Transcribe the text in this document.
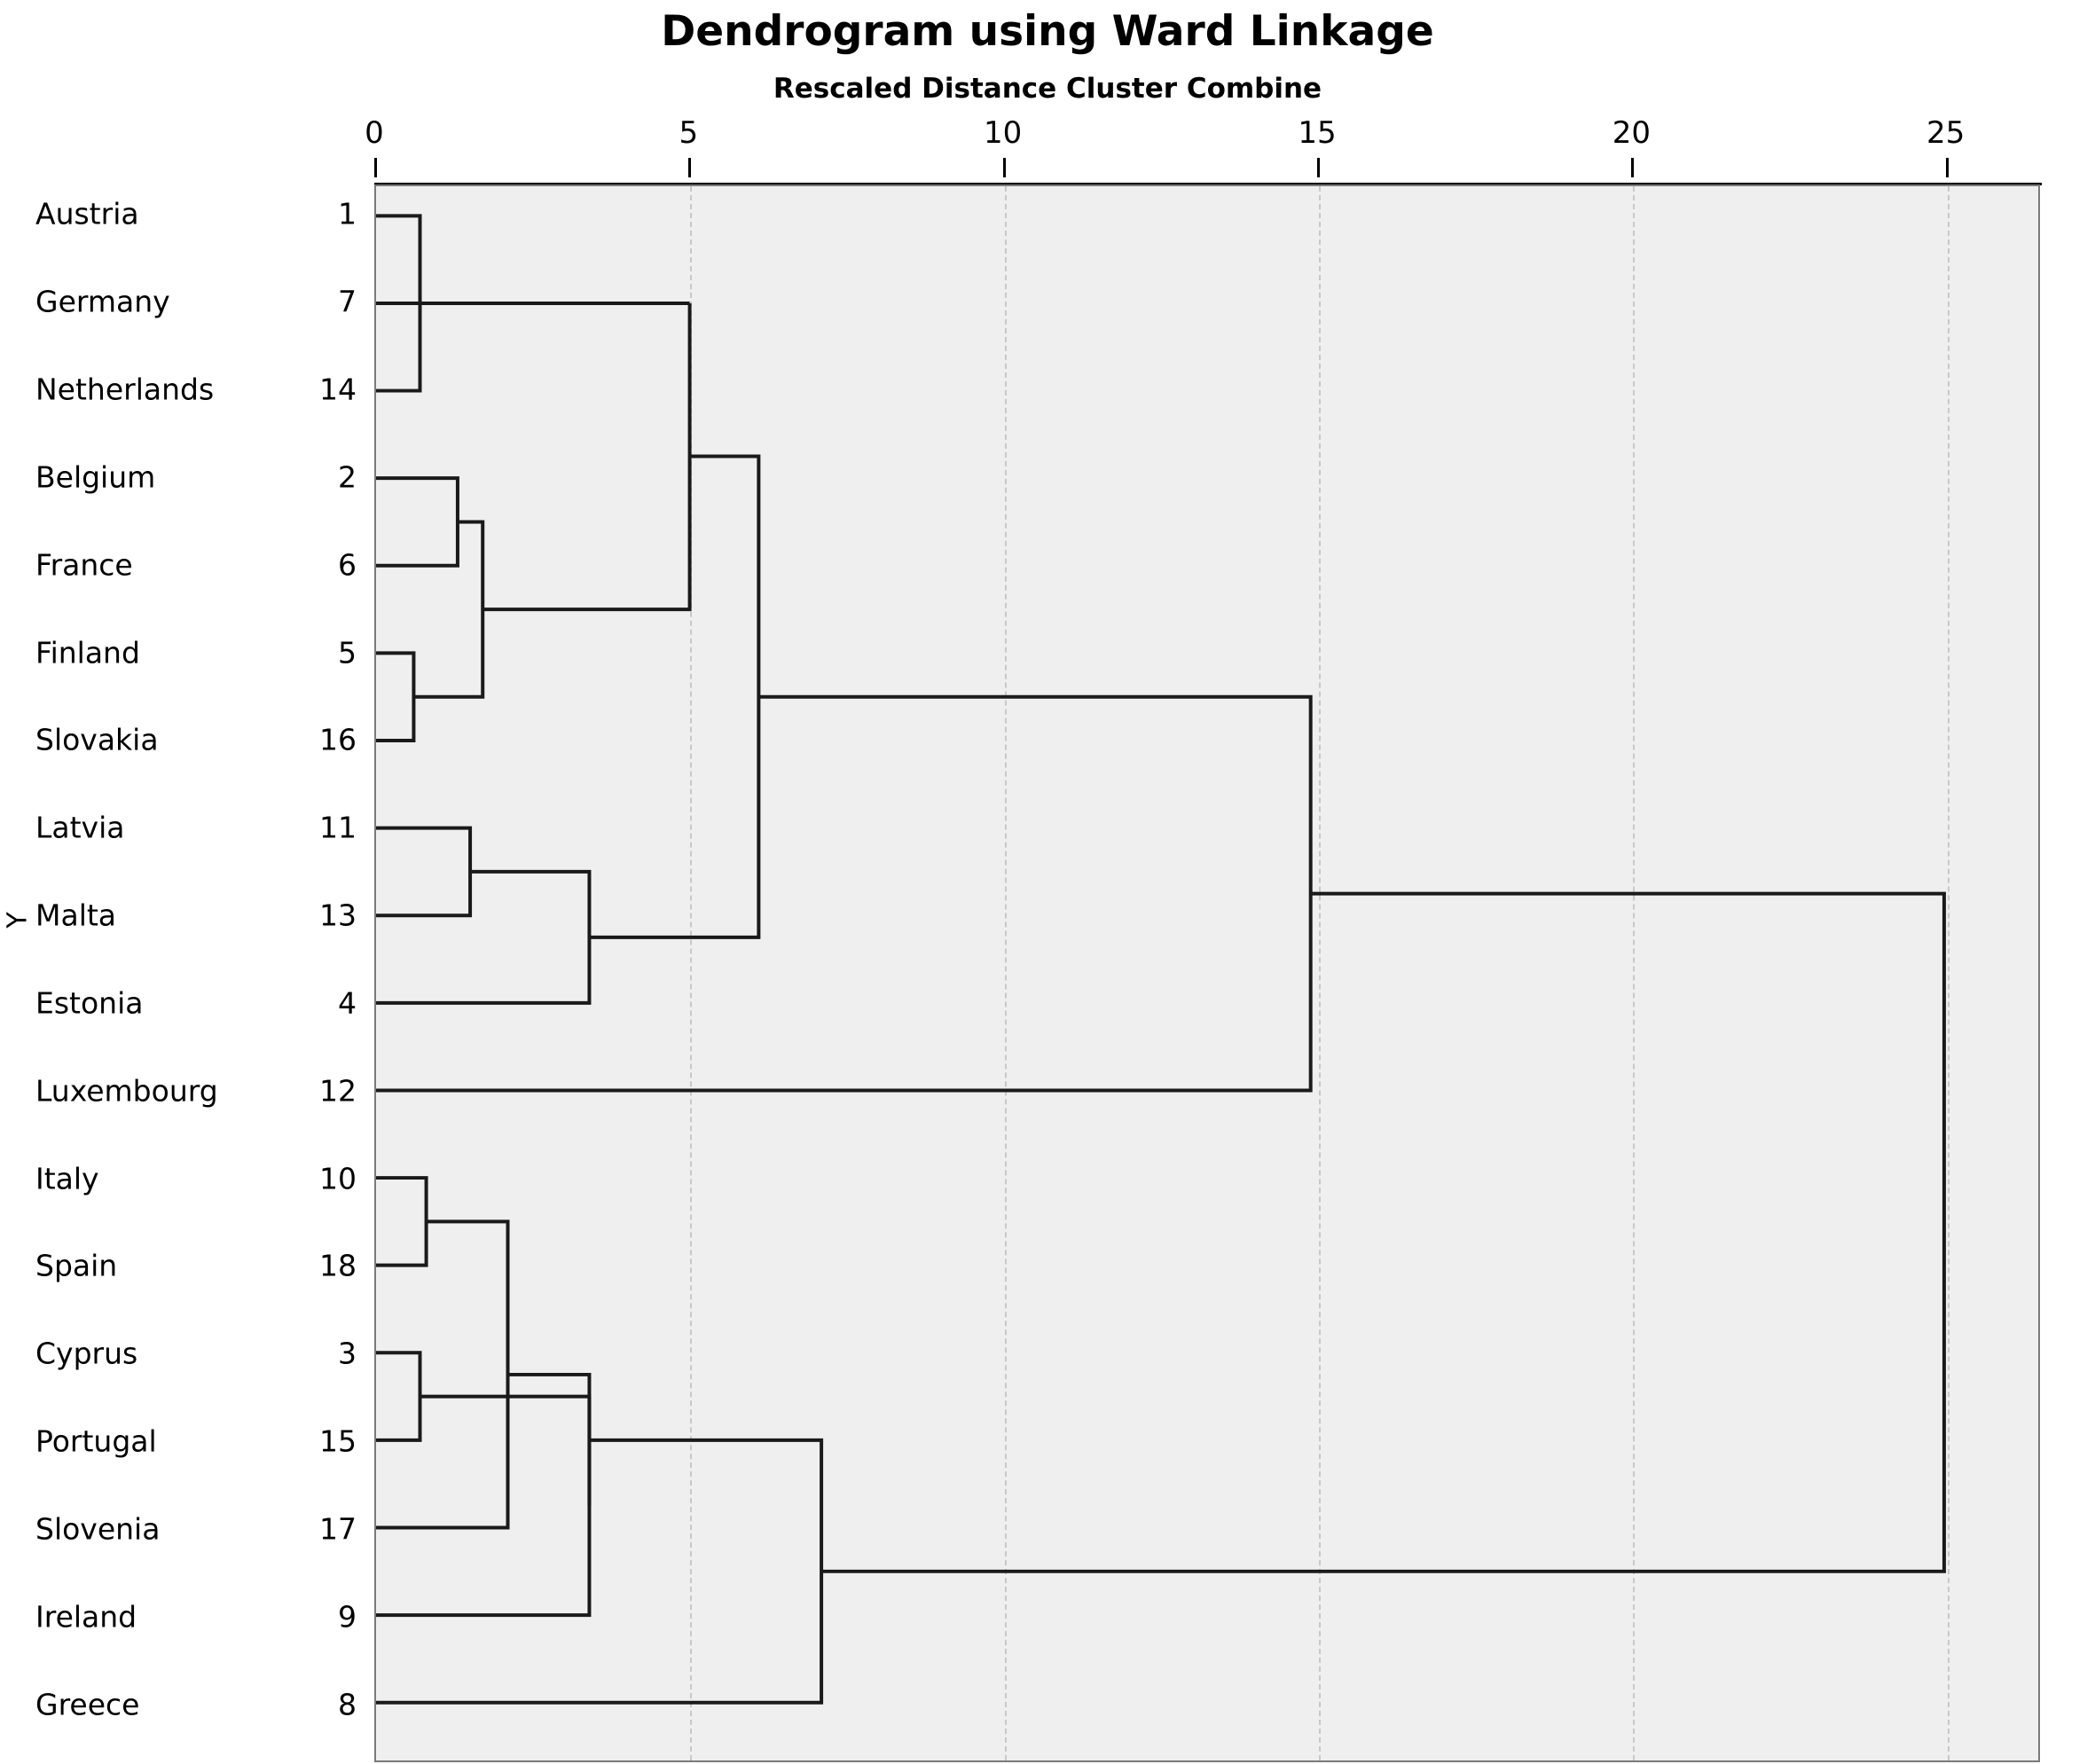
Dendrogram using Ward Linkage
Rescaled Distance Cluster Combine
Y
0	5	10	15	20	25
Austria	1
Germany	7
Netherlands	14
Belgium	2
France	6
Finland	5
Slovakia	16
Latvia	11
Malta	13
Estonia	4
Luxembourg	12
Italy	10
Spain	18
Cyprus	3
Portugal	15
Slovenia	17
Ireland	9
Greece	8
